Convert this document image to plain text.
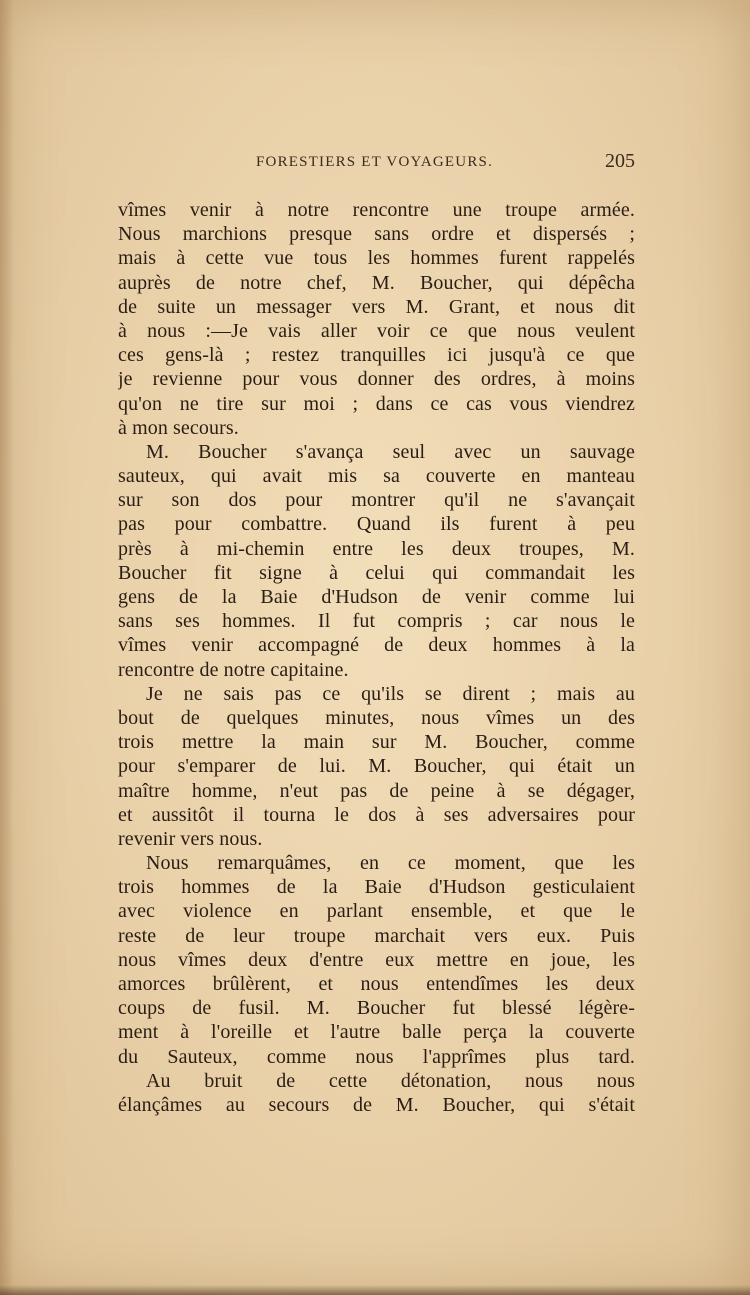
FORESTIERS ET VOYAGEURS.	205
vîmes venir à notre rencontre une troupe armée.
Nous marchions presque sans ordre et dispersés ;
mais à cette vue tous les hommes furent rappelés
auprès de notre chef, M. Boucher, qui dépêcha
de suite un messager vers M. Grant, et nous dit
à nous :—Je vais aller voir ce que nous veulent
ces gens-là ; restez tranquilles ici jusqu'à ce que
je revienne pour vous donner des ordres, à moins
qu'on ne tire sur moi ; dans ce cas vous viendrez
à mon secours.
M. Boucher s'avança seul avec un sauvage
sauteux, qui avait mis sa couverte en manteau
sur son dos pour montrer qu'il ne s'avançait
pas pour combattre. Quand ils furent à peu
près à mi-chemin entre les deux troupes, M.
Boucher fit signe à celui qui commandait les
gens de la Baie d'Hudson de venir comme lui
sans ses hommes. Il fut compris ; car nous le
vîmes venir accompagné de deux hommes à la
rencontre de notre capitaine.
Je ne sais pas ce qu'ils se dirent ; mais au
bout de quelques minutes, nous vîmes un des
trois mettre la main sur M. Boucher, comme
pour s'emparer de lui. M. Boucher, qui était un
maître homme, n'eut pas de peine à se dégager,
et aussitôt il tourna le dos à ses adversaires pour
revenir vers nous.
Nous remarquâmes, en ce moment, que les
trois hommes de la Baie d'Hudson gesticulaient
avec violence en parlant ensemble, et que le
reste de leur troupe marchait vers eux. Puis
nous vîmes deux d'entre eux mettre en joue, les
amorces brûlèrent, et nous entendîmes les deux
coups de fusil. M. Boucher fut blessé légère-
ment à l'oreille et l'autre balle perça la couverte
du Sauteux, comme nous l'apprîmes plus tard.
Au bruit de cette détonation, nous nous
élançâmes au secours de M. Boucher, qui s'était
